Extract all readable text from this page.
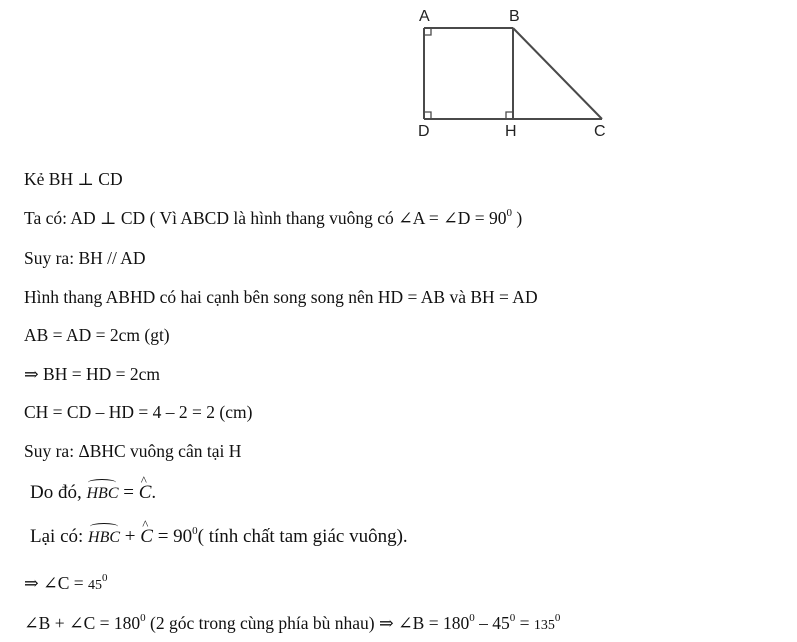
A	B
D	H	C
Kẻ BH ⊥ CD
Ta có: AD ⊥ CD ( Vì ABCD là hình thang vuông có ∠A = ∠D = $90^0$ )
Suy ra: BH // AD
Hình thang ABHD có hai cạnh bên song song nên HD = AB và BH = AD
AB = AD = 2cm (gt)
⇒ BH = HD = 2cm
CH = CD – HD = 4 – 2 = 2 (cm)
Suy ra: ΔBHC vuông cân tại H
Do đó, HBC = ^ C.
Lại có: HBC + ^ $C = 90^0$( tính chất tam giác vuông).
⇒ ∠C = $45^0$
∠B + ∠C = $180^0$ (2 góc trong cùng phía bù nhau) ⇒ ∠B = $180^0 - 45^0 = 135^0$
